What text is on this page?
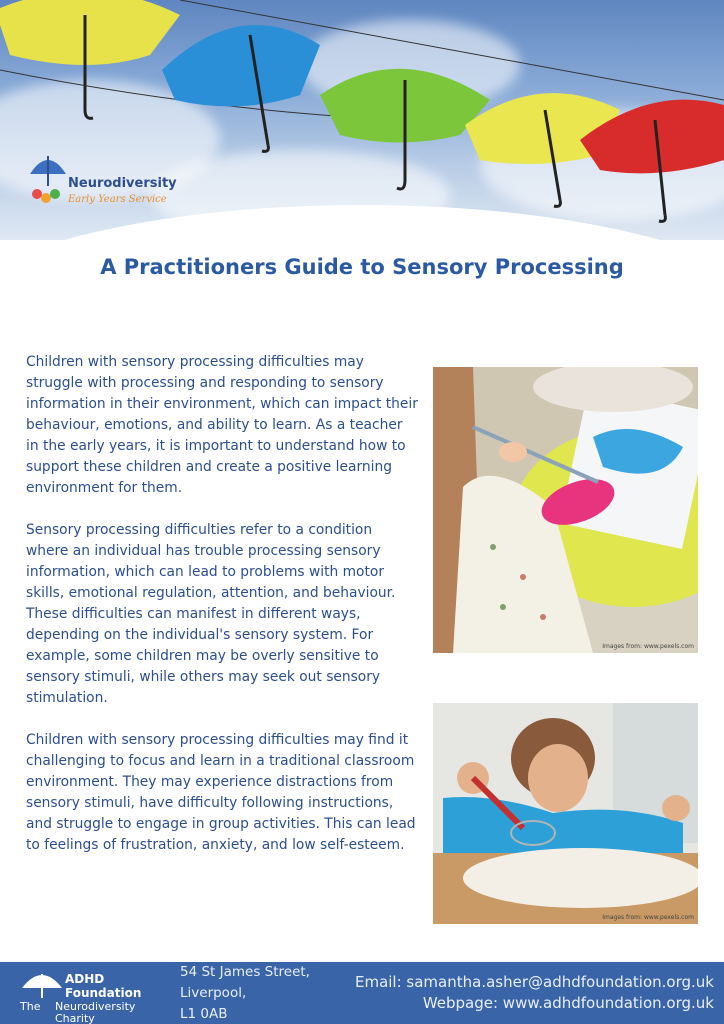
Neurodiversity
Early Years Service
A Practitioners Guide to Sensory Processing

Children with sensory processing difficulties may struggle with processing and responding to sensory information in their environment, which can impact their behaviour, emotions, and ability to learn. As a teacher in the early years, it is important to understand how to support these children and create a positive learning environment for them.

Sensory processing difficulties refer to a condition where an individual has trouble processing sensory information, which can lead to problems with motor skills, emotional regulation, attention, and behaviour. These difficulties can manifest in different ways, depending on the individual's sensory system. For example, some children may be overly sensitive to sensory stimuli, while others may seek out sensory stimulation.

Children with sensory processing difficulties may find it challenging to focus and learn in a traditional classroom environment. They may experience distractions from sensory stimuli, have difficulty following instructions, and struggle to engage in group activities. This can lead to feelings of frustration, anxiety, and low self-esteem.

Images from: www.pexels.com
Images from: www.pexels.com
ADHD
Foundation
The Neurodiversity
Charity
54 St James Street,
Liverpool,
L1 0AB
Email: samantha.asher@adhdfoundation.org.uk
Webpage: www.adhdfoundation.org.uk
